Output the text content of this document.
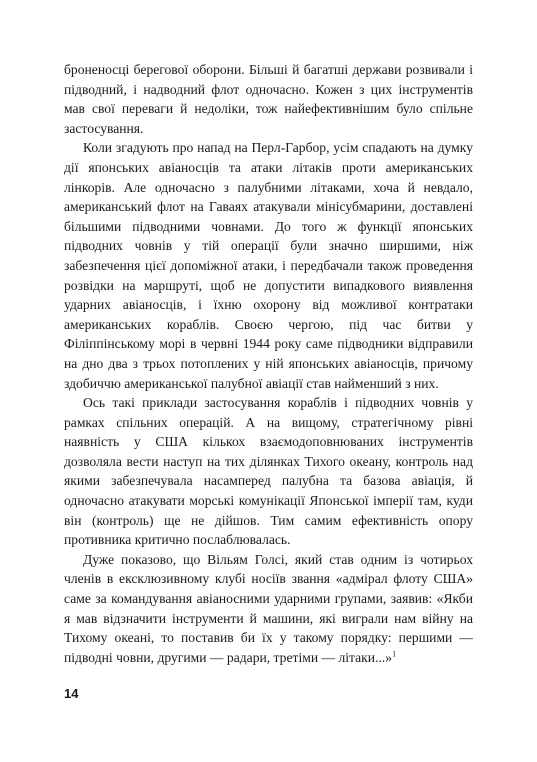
броненосці берегової оборони. Більші й багатші держави розвивали і підводний, і надводний флот одночасно. Кожен з цих інструментів мав свої переваги й недоліки, тож найефективнішим було спільне застосування.

Коли згадують про напад на Перл-Гарбор, усім спадають на думку дії японських авіаносців та атаки літаків проти американських лінкорів. Але одночасно з палубними літаками, хоча й невдало, американський флот на Гаваях атакували мінісубмарини, доставлені більшими підводними човнами. До того ж функції японських підводних човнів у тій операції були значно ширшими, ніж забезпечення цієї допоміжної атаки, і передбачали також проведення розвідки на маршруті, щоб не допустити випадкового виявлення ударних авіаносців, і їхню охорону від можливої контратаки американських кораблів. Своєю чергою, під час битви у Філіппінському морі в червні 1944 року саме підводники відправили на дно два з трьох потоплених у ній японських авіаносців, причому здобиччю американської палубної авіації став найменший з них.

Ось такі приклади застосування кораблів і підводних човнів у рамках спільних операцій. А на вищому, стратегічному рівні наявність у США кількох взаємодоповнюваних інструментів дозволяла вести наступ на тих ділянках Тихого океану, контроль над якими забезпечувала насамперед палубна та базова авіація, й одночасно атакувати морські комунікації Японської імперії там, куди він (контроль) ще не дійшов. Тим самим ефективність опору противника критично послаблювалась.

Дуже показово, що Вільям Голсі, який став одним із чотирьох членів в ексклюзивному клубі носіїв звання «адмірал флоту США» саме за командування авіаносними ударними групами, заявив: «Якби я мав відзначити інструменти й машини, які виграли нам війну на Тихому океані, то поставив би їх у такому порядку: першими — підводні човни, другими — радари, третіми — літаки...»$^1$

14
